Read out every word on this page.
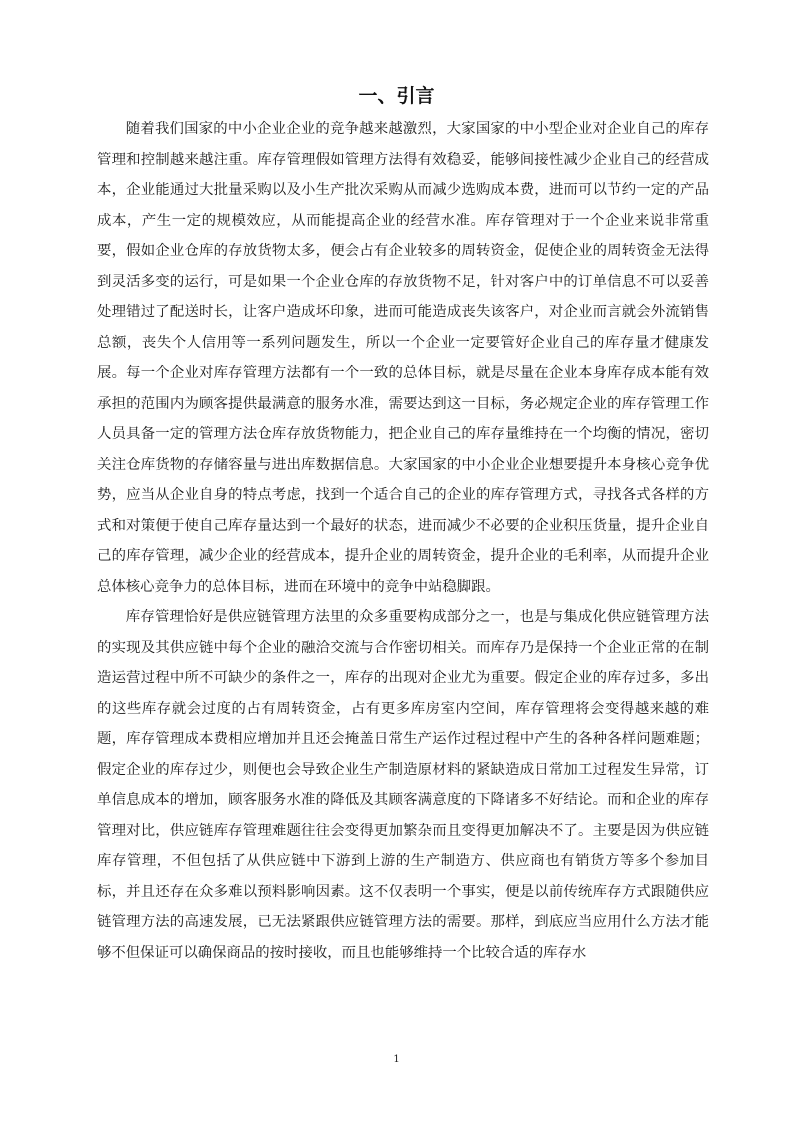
一、引言

随着我们国家的中小企业企业的竞争越来越激烈，大家国家的中小型企业对企业自己的库存管理和控制越来越注重。库存管理假如管理方法得有效稳妥，能够间接性减少企业自己的经营成本，企业能通过大批量采购以及小生产批次采购从而减少选购成本费，进而可以节约一定的产品成本，产生一定的规模效应，从而能提高企业的经营水准。库存管理对于一个企业来说非常重要，假如企业仓库的存放货物太多，便会占有企业较多的周转资金，促使企业的周转资金无法得到灵活多变的运行，可是如果一个企业仓库的存放货物不足，针对客户中的订单信息不可以妥善处理错过了配送时长，让客户造成坏印象，进而可能造成丧失该客户，对企业而言就会外流销售总额，丧失个人信用等一系列问题发生，所以一个企业一定要管好企业自己的库存量才健康发展。每一个企业对库存管理方法都有一个一致的总体目标，就是尽量在企业本身库存成本能有效承担的范围内为顾客提供最满意的服务水准，需要达到这一目标，务必规定企业的库存管理工作人员具备一定的管理方法仓库存放货物能力，把企业自己的库存量维持在一个均衡的情况，密切关注仓库货物的存储容量与进出库数据信息。大家国家的中小企业企业想要提升本身核心竞争优势，应当从企业自身的特点考虑，找到一个适合自己的企业的库存管理方式，寻找各式各样的方式和对策便于使自己库存量达到一个最好的状态，进而减少不必要的企业积压货量，提升企业自己的库存管理，减少企业的经营成本，提升企业的周转资金，提升企业的毛利率，从而提升企业总体核心竞争力的总体目标，进而在环境中的竞争中站稳脚跟。

库存管理恰好是供应链管理方法里的众多重要构成部分之一，也是与集成化供应链管理方法的实现及其供应链中每个企业的融洽交流与合作密切相关。而库存乃是保持一个企业正常的在制造运营过程中所不可缺少的条件之一，库存的出现对企业尤为重要。假定企业的库存过多，多出的这些库存就会过度的占有周转资金，占有更多库房室内空间，库存管理将会变得越来越的难题，库存管理成本费相应增加并且还会掩盖日常生产运作过程过程中产生的各种各样问题难题；假定企业的库存过少，则便也会导致企业生产制造原材料的紧缺造成日常加工过程发生异常，订单信息成本的增加，顾客服务水准的降低及其顾客满意度的下降诸多不好结论。而和企业的库存管理对比，供应链库存管理难题往往会变得更加繁杂而且变得更加解决不了。主要是因为供应链库存管理，不但包括了从供应链中下游到上游的生产制造方、供应商也有销货方等多个参加目标，并且还存在众多难以预料影响因素。这不仅表明一个事实，便是以前传统库存方式跟随供应链管理方法的高速发展，已无法紧跟供应链管理方法的需要。那样，到底应当应用什么方法才能够不但保证可以确保商品的按时接收，而且也能够维持一个比较合适的库存水

1
